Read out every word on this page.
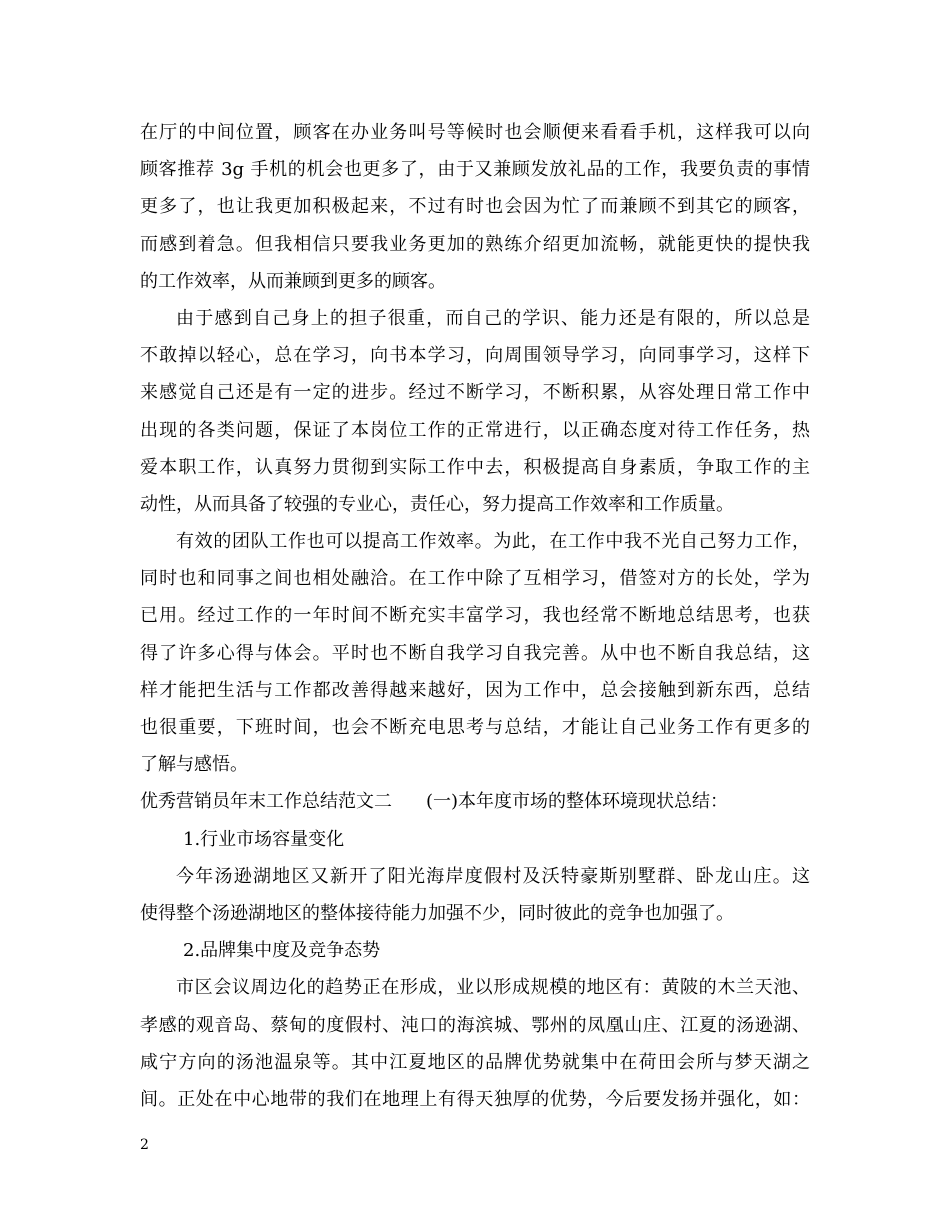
在厅的中间位置，顾客在办业务叫号等候时也会顺便来看看手机，这样我可以向
顾客推荐 3g 手机的机会也更多了，由于又兼顾发放礼品的工作，我要负责的事情
更多了，也让我更加积极起来，不过有时也会因为忙了而兼顾不到其它的顾客，
而感到着急。但我相信只要我业务更加的熟练介绍更加流畅，就能更快的提快我
的工作效率，从而兼顾到更多的顾客。
由于感到自己身上的担子很重，而自己的学识、能力还是有限的，所以总是
不敢掉以轻心，总在学习，向书本学习，向周围领导学习，向同事学习，这样下
来感觉自己还是有一定的进步。经过不断学习，不断积累，从容处理日常工作中
出现的各类问题，保证了本岗位工作的正常进行，以正确态度对待工作任务，热
爱本职工作，认真努力贯彻到实际工作中去，积极提高自身素质，争取工作的主
动性，从而具备了较强的专业心，责任心，努力提高工作效率和工作质量。
有效的团队工作也可以提高工作效率。为此，在工作中我不光自己努力工作，
同时也和同事之间也相处融洽。在工作中除了互相学习，借签对方的长处，学为
已用。经过工作的一年时间不断充实丰富学习，我也经常不断地总结思考，也获
得了许多心得与体会。平时也不断自我学习自我完善。从中也不断自我总结，这
样才能把生活与工作都改善得越来越好，因为工作中，总会接触到新东西，总结
也很重要，下班时间，也会不断充电思考与总结，才能让自己业务工作有更多的
了解与感悟。
优秀营销员年末工作总结范文二 (一)本年度市场的整体环境现状总结：
1.行业市场容量变化
今年汤逊湖地区又新开了阳光海岸度假村及沃特豪斯别墅群、卧龙山庄。这
使得整个汤逊湖地区的整体接待能力加强不少，同时彼此的竞争也加强了。
2.品牌集中度及竞争态势
市区会议周边化的趋势正在形成，业以形成规模的地区有：黄陂的木兰天池、
孝感的观音岛、蔡甸的度假村、沌口的海滨城、鄂州的凤凰山庄、江夏的汤逊湖、
咸宁方向的汤池温泉等。其中江夏地区的品牌优势就集中在荷田会所与梦天湖之
间。正处在中心地带的我们在地理上有得天独厚的优势，今后要发扬并强化，如：
2
